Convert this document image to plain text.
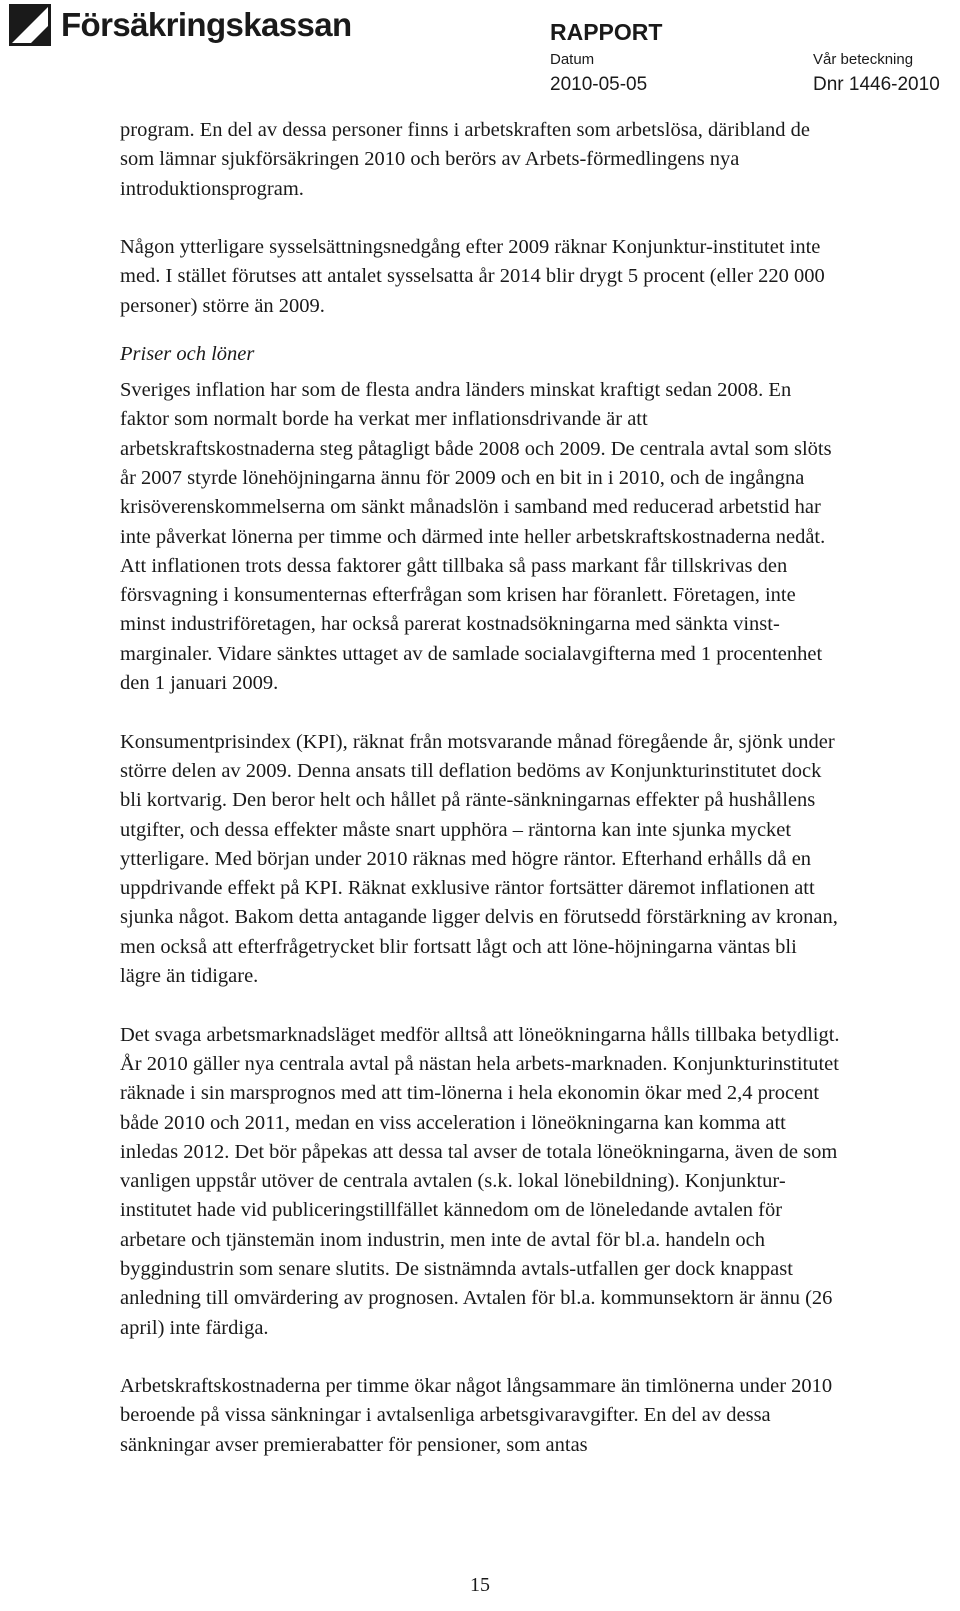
Försäkringskassan	RAPPORT
Datum
2010-05-05
Vår beteckning
Dnr 1446-2010

program. En del av dessa personer finns i arbetskraften som arbetslösa, däribland de som lämnar sjukförsäkringen 2010 och berörs av Arbets-förmedlingens nya introduktionsprogram.

Någon ytterligare sysselsättningsnedgång efter 2009 räknar Konjunktur-institutet inte med. I stället förutses att antalet sysselsatta år 2014 blir drygt 5 procent (eller 220 000 personer) större än 2009.

Priser och löner

Sveriges inflation har som de flesta andra länders minskat kraftigt sedan 2008. En faktor som normalt borde ha verkat mer inflationsdrivande är att arbetskraftskostnaderna steg påtagligt både 2008 och 2009. De centrala avtal som slöts år 2007 styrde lönehöjningarna ännu för 2009 och en bit in i 2010, och de ingångna krisöverenskommelserna om sänkt månadslön i samband med reducerad arbetstid har inte påverkat lönerna per timme och därmed inte heller arbetskraftskostnaderna nedåt. Att inflationen trots dessa faktorer gått tillbaka så pass markant får tillskrivas den försvagning i konsumenternas efterfrågan som krisen har föranlett. Företagen, inte minst industriföretagen, har också parerat kostnadsökningarna med sänkta vinst-marginaler. Vidare sänktes uttaget av de samlade socialavgifterna med 1 procentenhet den 1 januari 2009.

Konsumentprisindex (KPI), räknat från motsvarande månad föregående år, sjönk under större delen av 2009. Denna ansats till deflation bedöms av Konjunkturinstitutet dock bli kortvarig. Den beror helt och hållet på ränte-sänkningarnas effekter på hushållens utgifter, och dessa effekter måste snart upphöra – räntorna kan inte sjunka mycket ytterligare. Med början under 2010 räknas med högre räntor. Efterhand erhålls då en uppdrivande effekt på KPI. Räknat exklusive räntor fortsätter däremot inflationen att sjunka något. Bakom detta antagande ligger delvis en förutsedd förstärkning av kronan, men också att efterfrågetrycket blir fortsatt lågt och att löne-höjningarna väntas bli lägre än tidigare.

Det svaga arbetsmarknadsläget medför alltså att löneökningarna hålls tillbaka betydligt. År 2010 gäller nya centrala avtal på nästan hela arbets-marknaden. Konjunkturinstitutet räknade i sin marsprognos med att tim-lönerna i hela ekonomin ökar med 2,4 procent både 2010 och 2011, medan en viss acceleration i löneökningarna kan komma att inledas 2012. Det bör påpekas att dessa tal avser de totala löneökningarna, även de som vanligen uppstår utöver de centrala avtalen (s.k. lokal lönebildning). Konjunktur-institutet hade vid publiceringstillfället kännedom om de löneledande avtalen för arbetare och tjänstemän inom industrin, men inte de avtal för bl.a. handeln och byggindustrin som senare slutits. De sistnämnda avtals-utfallen ger dock knappast anledning till omvärdering av prognosen. Avtalen för bl.a. kommunsektorn är ännu (26 april) inte färdiga.

Arbetskraftskostnaderna per timme ökar något långsammare än timlönerna under 2010 beroende på vissa sänkningar i avtalsenliga arbetsgivaravgifter. En del av dessa sänkningar avser premierabatter för pensioner, som antas

15
